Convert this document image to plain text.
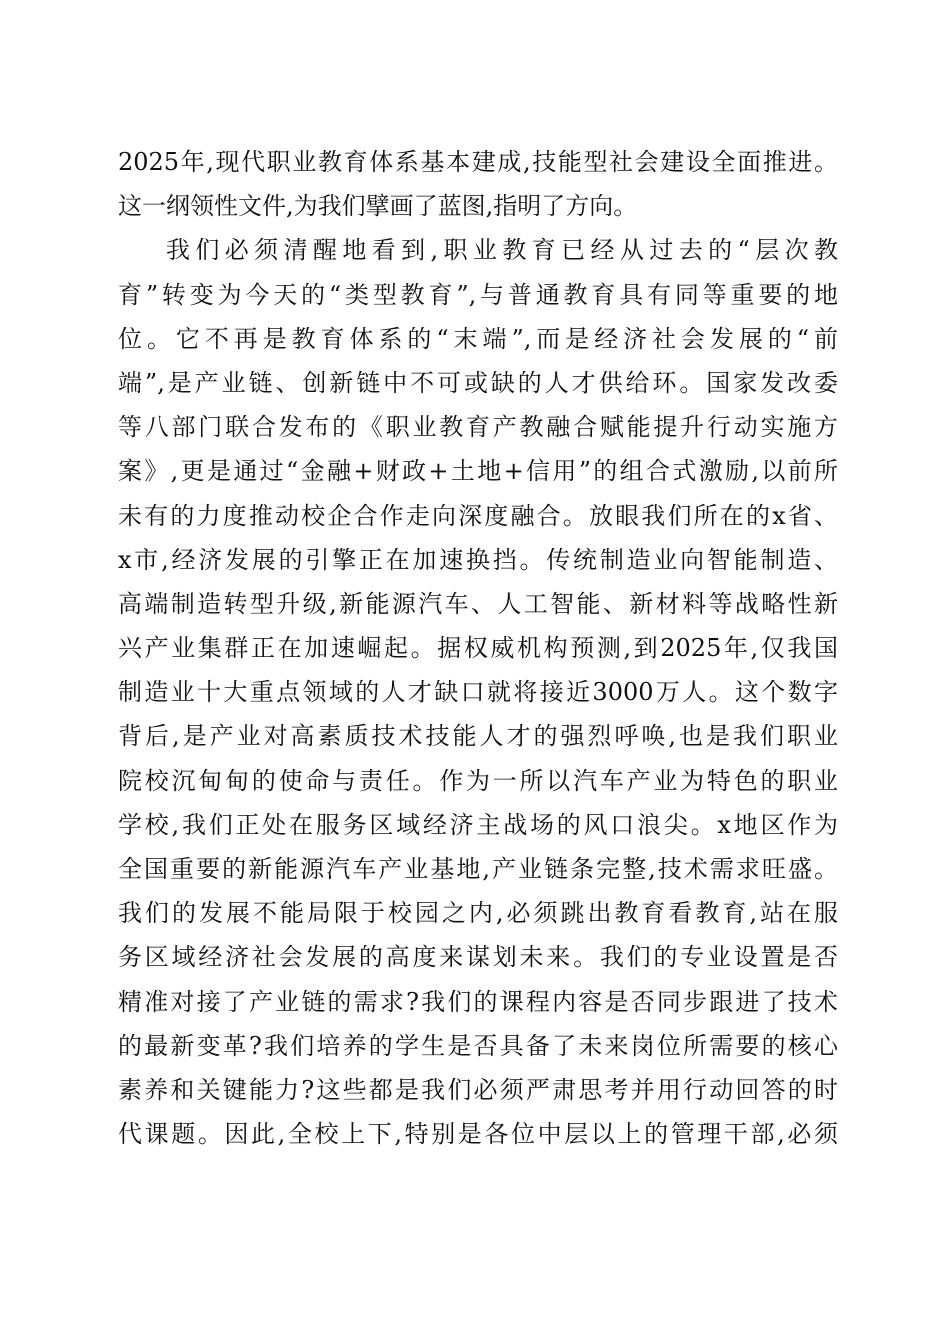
2025年,现代职业教育体系基本建成,技能型社会建设全面推进。
这一纲领性文件,为我们擘画了蓝图,指明了方向。
我们必须清醒地看到,职业教育已经从过去的“层次教
育”转变为今天的“类型教育”,与普通教育具有同等重要的地
位。它不再是教育体系的“末端”,而是经济社会发展的“前
端”,是产业链、创新链中不可或缺的人才供给环。国家发改委
等八部门联合发布的《职业教育产教融合赋能提升行动实施方
案》,更是通过“金融+财政+土地+信用”的组合式激励,以前所
未有的力度推动校企合作走向深度融合。放眼我们所在的x省、
x市,经济发展的引擎正在加速换挡。传统制造业向智能制造、
高端制造转型升级,新能源汽车、人工智能、新材料等战略性新
兴产业集群正在加速崛起。据权威机构预测,到2025年,仅我国
制造业十大重点领域的人才缺口就将接近3000万人。这个数字
背后,是产业对高素质技术技能人才的强烈呼唤,也是我们职业
院校沉甸甸的使命与责任。作为一所以汽车产业为特色的职业
学校,我们正处在服务区域经济主战场的风口浪尖。x地区作为
全国重要的新能源汽车产业基地,产业链条完整,技术需求旺盛。
我们的发展不能局限于校园之内,必须跳出教育看教育,站在服
务区域经济社会发展的高度来谋划未来。我们的专业设置是否
精准对接了产业链的需求?我们的课程内容是否同步跟进了技术
的最新变革?我们培养的学生是否具备了未来岗位所需要的核心
素养和关键能力?这些都是我们必须严肃思考并用行动回答的时
代课题。因此,全校上下,特别是各位中层以上的管理干部,必须
